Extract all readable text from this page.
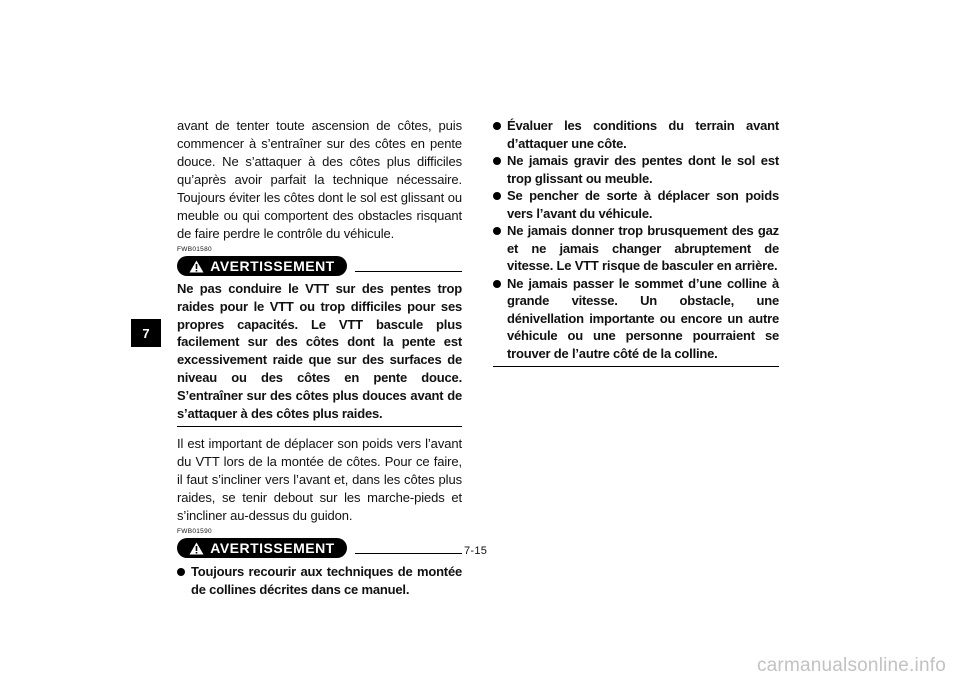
7

avant de tenter toute ascension de côtes, puis commencer à s’entraîner sur des côtes en pente douce. Ne s’attaquer à des côtes plus difficiles qu’après avoir parfait la technique nécessaire. Toujours éviter les côtes dont le sol est glissant ou meuble ou qui comportent des obstacles risquant de faire perdre le contrôle du véhicule.

FWB01580
AVERTISSEMENT

Ne pas conduire le VTT sur des pentes trop raides pour le VTT ou trop difficiles pour ses propres capacités. Le VTT bascule plus facilement sur des côtes dont la pente est excessivement raide que sur des surfaces de niveau ou des côtes en pente douce. S’entraîner sur des côtes plus douces avant de s’attaquer à des côtes plus raides.

Il est important de déplacer son poids vers l’avant du VTT lors de la montée de côtes. Pour ce faire, il faut s’incliner vers l’avant et, dans les côtes plus raides, se tenir debout sur les marche-pieds et s’incliner au-dessus du guidon.

FWB01590
AVERTISSEMENT
Toujours recourir aux techniques de montée de collines décrites dans ce manuel.
Évaluer les conditions du terrain avant d’attaquer une côte.
Ne jamais gravir des pentes dont le sol est trop glissant ou meuble.
Se pencher de sorte à déplacer son poids vers l’avant du véhicule.
Ne jamais donner trop brusquement des gaz et ne jamais changer abruptement de vitesse. Le VTT risque de basculer en arrière.
Ne jamais passer le sommet d’une colline à grande vitesse. Un obstacle, une dénivellation importante ou encore un autre véhicule ou une personne pourraient se trouver de l’autre côté de la colline.
7-15
carmanualsonline.info
